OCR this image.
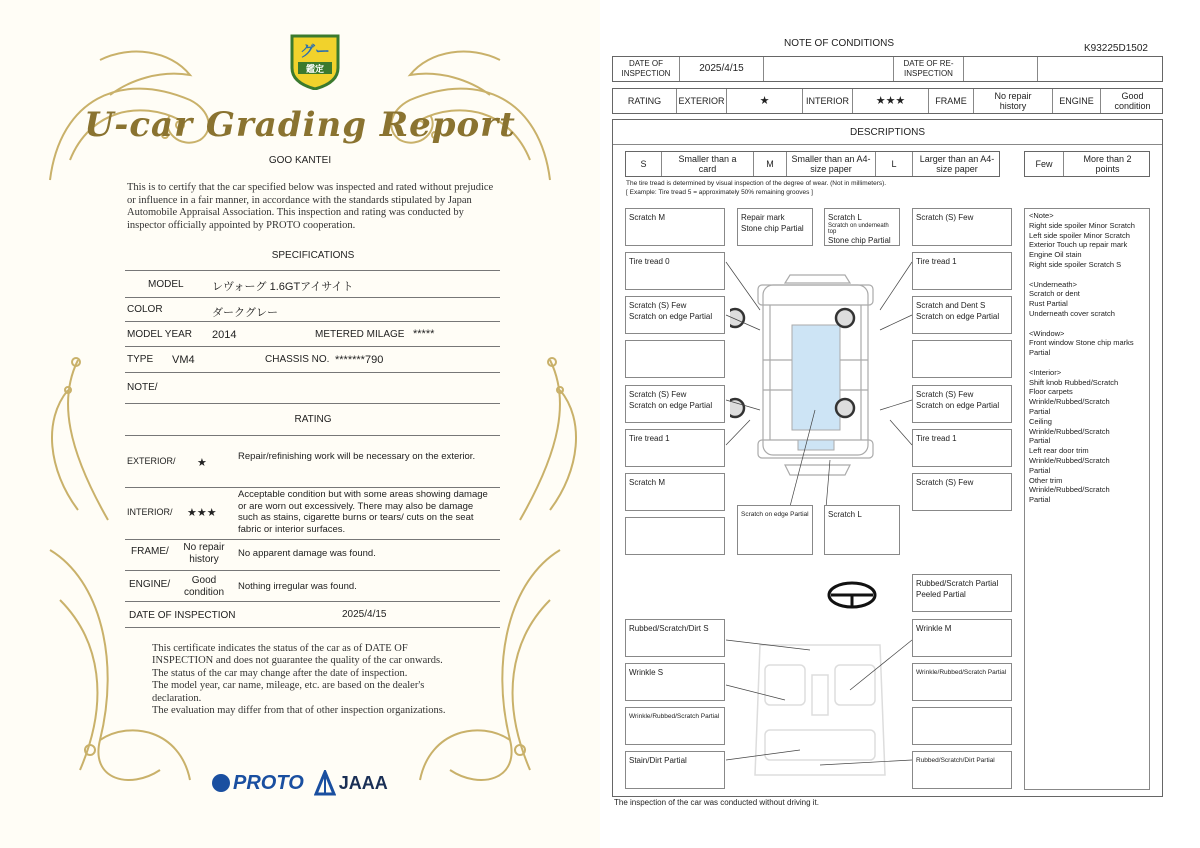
グー
鑑定
U-car Grading Report
GOO KANTEI
This is to certify that the car specified below was inspected and rated without prejudice or influence in a fair manner, in accordance with the standards stipulated by Japan Automobile Appraisal Association. This inspection and rating was conducted by inspector officially appointed by PROTO cooperation.
SPECIFICATIONS
MODEL	レヴォーグ 1.6GTアイサイト
COLOR	ダークグレー
MODEL YEAR 2014	METERED MILAGE *****
TYPE VM4	CHASSIS NO. *******790
NOTE/
RATING
EXTERIOR/ ★
Repair/refinishing work will be necessary on the exterior.
INTERIOR/ ★★★
Acceptable condition but with some areas showing damage or are worn out excessively. There may also be damage such as stains, cigarette burns or tears/ cuts on the seat fabric or interior surfaces.
FRAME/	No repair history	No apparent damage was found.
ENGINE/	Good condition	Nothing irregular was found.
DATE OF INSPECTION	2025/4/15
This certificate indicates the status of the car as of DATE OF
INSPECTION and does not guarantee the quality of the car onwards.
The status of the car may change after the date of inspection.
The model year, car name, mileage, etc. are based on the dealer's
declaration.
The evaluation may differ from that of other inspection organizations.
PROTO JAAA
NOTE OF CONDITIONS	K93225D1502
DATE OF INSPECTION	2025/4/15	DATE OF RE-INSPECTION
RATING	EXTERIOR	★	INTERIOR	★★★	FRAME	No repair history	ENGINE	Good condition
DESCRIPTIONS
S	Smaller than a card	M	Smaller than an A4-size paper	L	Larger than an A4-size paper	Few	More than 2 points
The tire tread is determined by visual inspection of the degree of wear. (Not in millimeters).
[ Example: Tire tread 5 = approximately 50% remaining grooves ]
Scratch M	Repair mark
Stone chip Partial
Scratch L
Scratch on underneath top
Stone chip Partial
Scratch (S) Few
Tire tread 0	Tire tread 1
Scratch (S) Few
Scratch on edge Partial
Scratch and Dent S
Scratch on edge Partial
Scratch (S) Few
Scratch on edge Partial
Scratch (S) Few
Scratch on edge Partial
Tire tread 1	Tire tread 1
Scratch M	Scratch (S) Few
Scratch on edge Partial	Scratch L
Rubbed/Scratch Partial
Peeled Partial
Rubbed/Scratch/Dirt S	Wrinkle M
Wrinkle S	Wrinkle/Rubbed/Scratch Partial
Wrinkle/Rubbed/Scratch Partial
Stain/Dirt Partial	Rubbed/Scratch/Dirt Partial
<Note>
Right side spoiler Minor Scratch
Left side spoiler Minor Scratch
Exterior Touch up repair mark
Engine Oil stain
Right side spoiler Scratch S
<Underneath>
Scratch or dent
Rust Partial
Underneath cover scratch
<Window>
Front window Stone chip marks
Partial
<Interior>
Shift knob Rubbed/Scratch
Floor carpets
Wrinkle/Rubbed/Scratch
Partial
Ceiling
Wrinkle/Rubbed/Scratch
Partial
Left rear door trim
Wrinkle/Rubbed/Scratch
Partial
Other trim
Wrinkle/Rubbed/Scratch
Partial
The inspection of the car was conducted without driving it.
